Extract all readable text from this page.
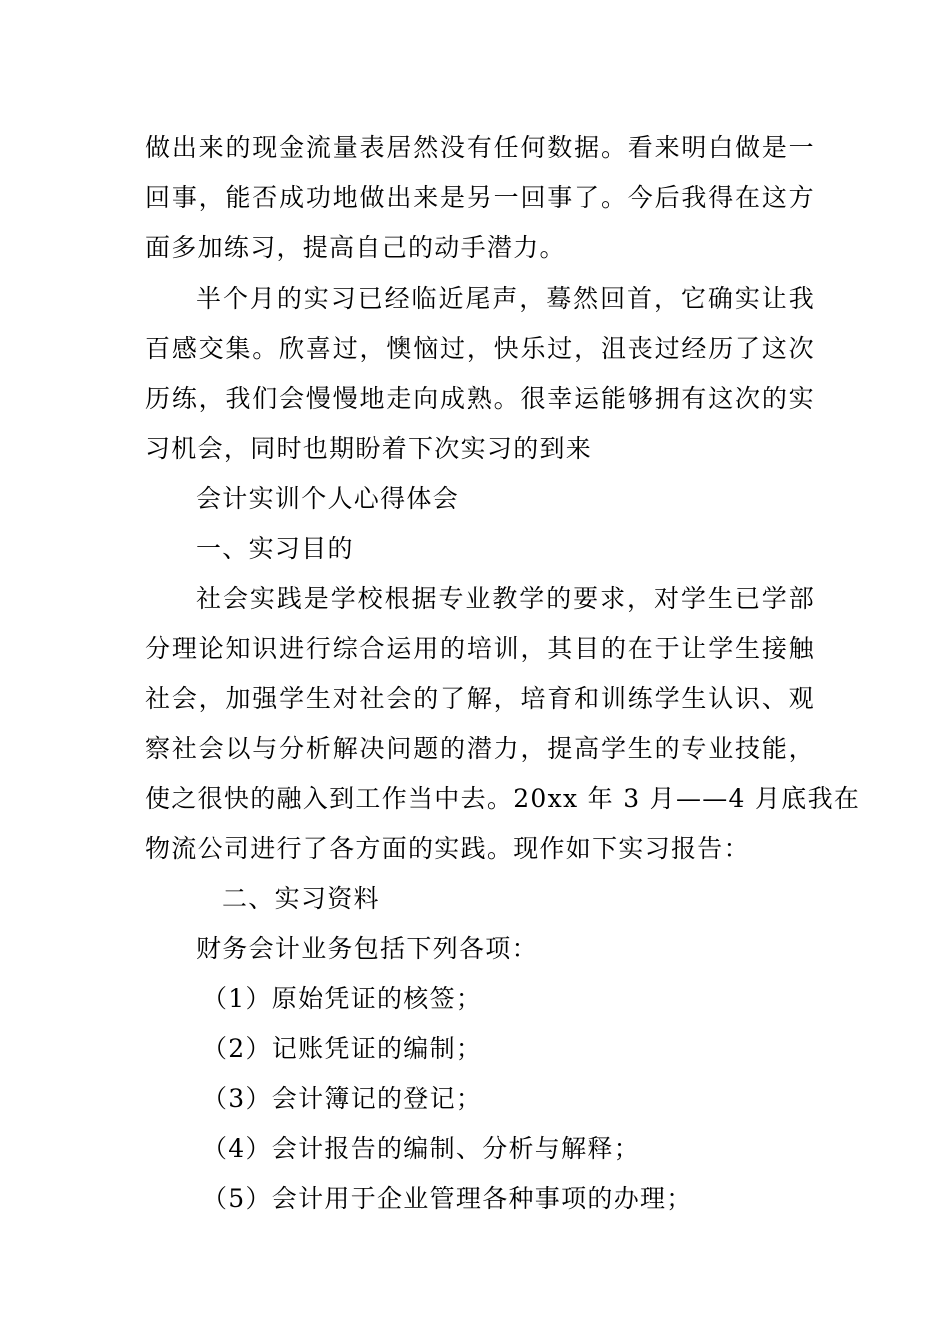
做出来的现金流量表居然没有任何数据。看来明白做是一
回事，能否成功地做出来是另一回事了。今后我得在这方
面多加练习，提高自己的动手潜力。
半个月的实习已经临近尾声，蓦然回首，它确实让我
百感交集。欣喜过，懊恼过，快乐过，沮丧过经历了这次
历练，我们会慢慢地走向成熟。很幸运能够拥有这次的实
习机会，同时也期盼着下次实习的到来
会计实训个人心得体会
一、实习目的
社会实践是学校根据专业教学的要求，对学生已学部
分理论知识进行综合运用的培训，其目的在于让学生接触
社会，加强学生对社会的了解，培育和训练学生认识、观
察社会以与分析解决问题的潜力，提高学生的专业技能，
使之很快的融入到工作当中去。20xx 年 3 月——4 月底我在
物流公司进行了各方面的实践。现作如下实习报告：
二、实习资料
财务会计业务包括下列各项：
（1）原始凭证的核签；
（2）记账凭证的编制；
（3）会计簿记的登记；
（4）会计报告的编制、分析与解释；
（5）会计用于企业管理各种事项的办理；
